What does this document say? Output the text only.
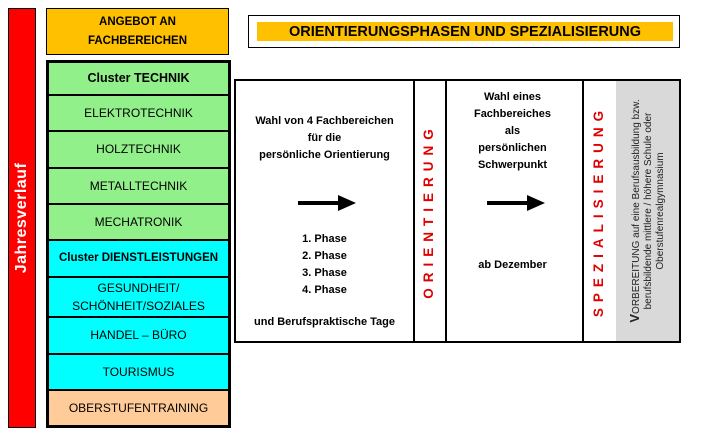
Jahresverlauf
ANGEBOT AN
FACHBEREICHEN
Cluster TECHNIK
ELEKTROTECHNIK
HOLZTECHNIK
METALLTECHNIK
MECHATRONIK
Cluster DIENSTLEISTUNGEN
GESUNDHEIT/
SCHÖNHEIT/SOZIALES
HANDEL – BÜRO
TOURISMUS
OBERSTUFENTRAINING
ORIENTIERUNGSPHASEN UND SPEZIALISIERUNG
Wahl von 4 Fachbereichen
für die
persönliche Orientierung
1. Phase
2. Phase
3. Phase
4. Phase
und Berufspraktische Tage
ORIENTIERUNG
Wahl eines
Fachbereiches
als
persönlichen
Schwerpunkt
ab Dezember	SPEZIALISIERUNG
VORBEREITUNG auf eine Berufsausbildung bzw. berufsbildende mittlere / höhere Schule oder Oberstufenrealgymnasium
